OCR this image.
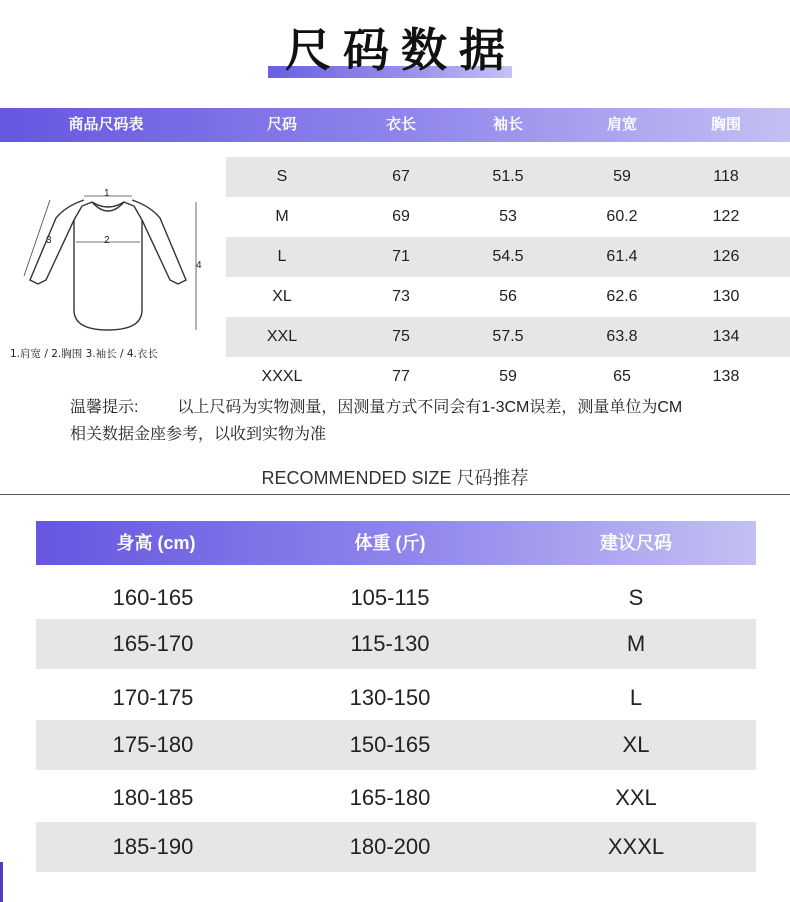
尺码数据
商品尺码表	尺码	衣长	袖长	肩宽	胸围
1
2
3
4
1.肩宽 / 2.胸围 3.袖长 / 4.衣长
S	67	51.5	59	118
M	69	53	60.2	122
L	71	54.5	61.4	126
XL	73	56	62.6	130
XXL	75	57.5	63.8	134
XXXL	77	59	65	138
温馨提示: 以上尺码为实物测量，因测量方式不同会有1-3CM误差，测量单位为CM
相关数据金座参考，以收到实物为准
RECOMMENDED SIZE 尺码推荐
身高 (cm)	体重 (斤)	建议尺码
160-165	105-115	S
165-170	115-130	M
170-175	130-150	L
175-180	150-165	XL
180-185	165-180	XXL
185-190	180-200	XXXL
